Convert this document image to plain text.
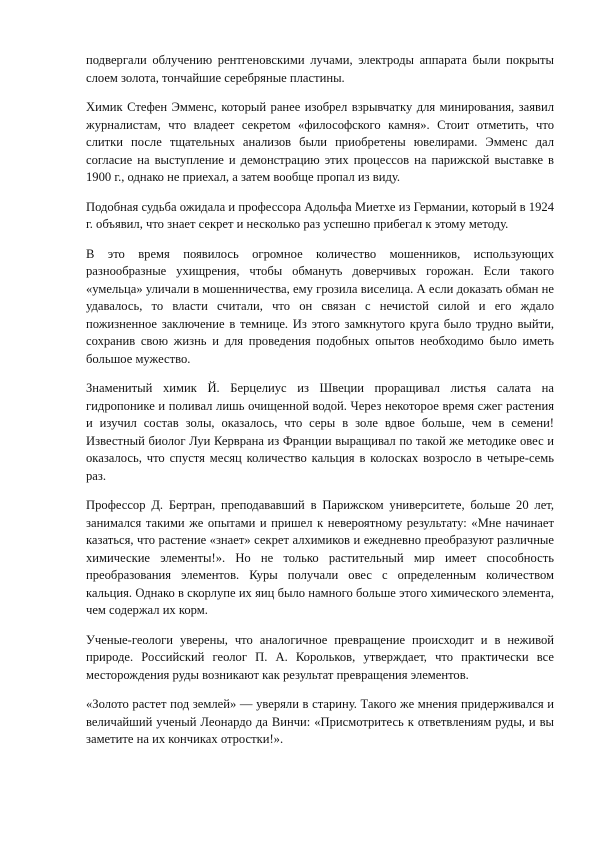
подвергали облучению рентгеновскими лучами, электроды аппарата были покрыты слоем золота, тончайшие серебряные пластины.

Химик Стефен Эмменс, который ранее изобрел взрывчатку для минирования, заявил журналистам, что владеет секретом «философского камня». Стоит отметить, что слитки после тщательных анализов были приобретены ювелирами. Эмменс дал согласие на выступление и демонстрацию этих процессов на парижской выставке в 1900 г., однако не приехал, а затем вообще пропал из виду.

Подобная судьба ожидала и профессора Адольфа Миетхе из Германии, который в 1924 г. объявил, что знает секрет и несколько раз успешно прибегал к этому методу.

В это время появилось огромное количество мошенников, использующих разнообразные ухищрения, чтобы обмануть доверчивых горожан. Если такого «умельца» уличали в мошенничества, ему грозила виселица. А если доказать обман не удавалось, то власти считали, что он связан с нечистой силой и его ждало пожизненное заключение в темнице. Из этого замкнутого круга было трудно выйти, сохранив свою жизнь и для проведения подобных опытов необходимо было иметь большое мужество.

Знаменитый химик Й. Берцелиус из Швеции проращивал листья салата на гидропонике и поливал лишь очищенной водой. Через некоторое время сжег растения и изучил состав золы, оказалось, что серы в золе вдвое больше, чем в семени! Известный биолог Луи Керврана из Франции выращивал по такой же методике овес и оказалось, что спустя месяц количество кальция в колосках возросло в четыре-семь раз.

Профессор Д. Бертран, преподававший в Парижском университете, больше 20 лет, занимался такими же опытами и пришел к невероятному результату: «Мне начинает казаться, что растение «знает» секрет алхимиков и ежедневно преобразуют различные химические элементы!». Но не только растительный мир имеет способность преобразования элементов. Куры получали овес с определенным количеством кальция. Однако в скорлупе их яиц было намного больше этого химического элемента, чем содержал их корм.

Ученые-геологи уверены, что аналогичное превращение происходит и в неживой природе. Российский геолог П. А. Корольков, утверждает, что практически все месторождения руды возникают как результат превращения элементов.

«Золото растет под землей» — уверяли в старину. Такого же мнения придерживался и величайший ученый Леонардо да Винчи: «Присмотритесь к ответвлениям руды, и вы заметите на их кончиках отростки!».
